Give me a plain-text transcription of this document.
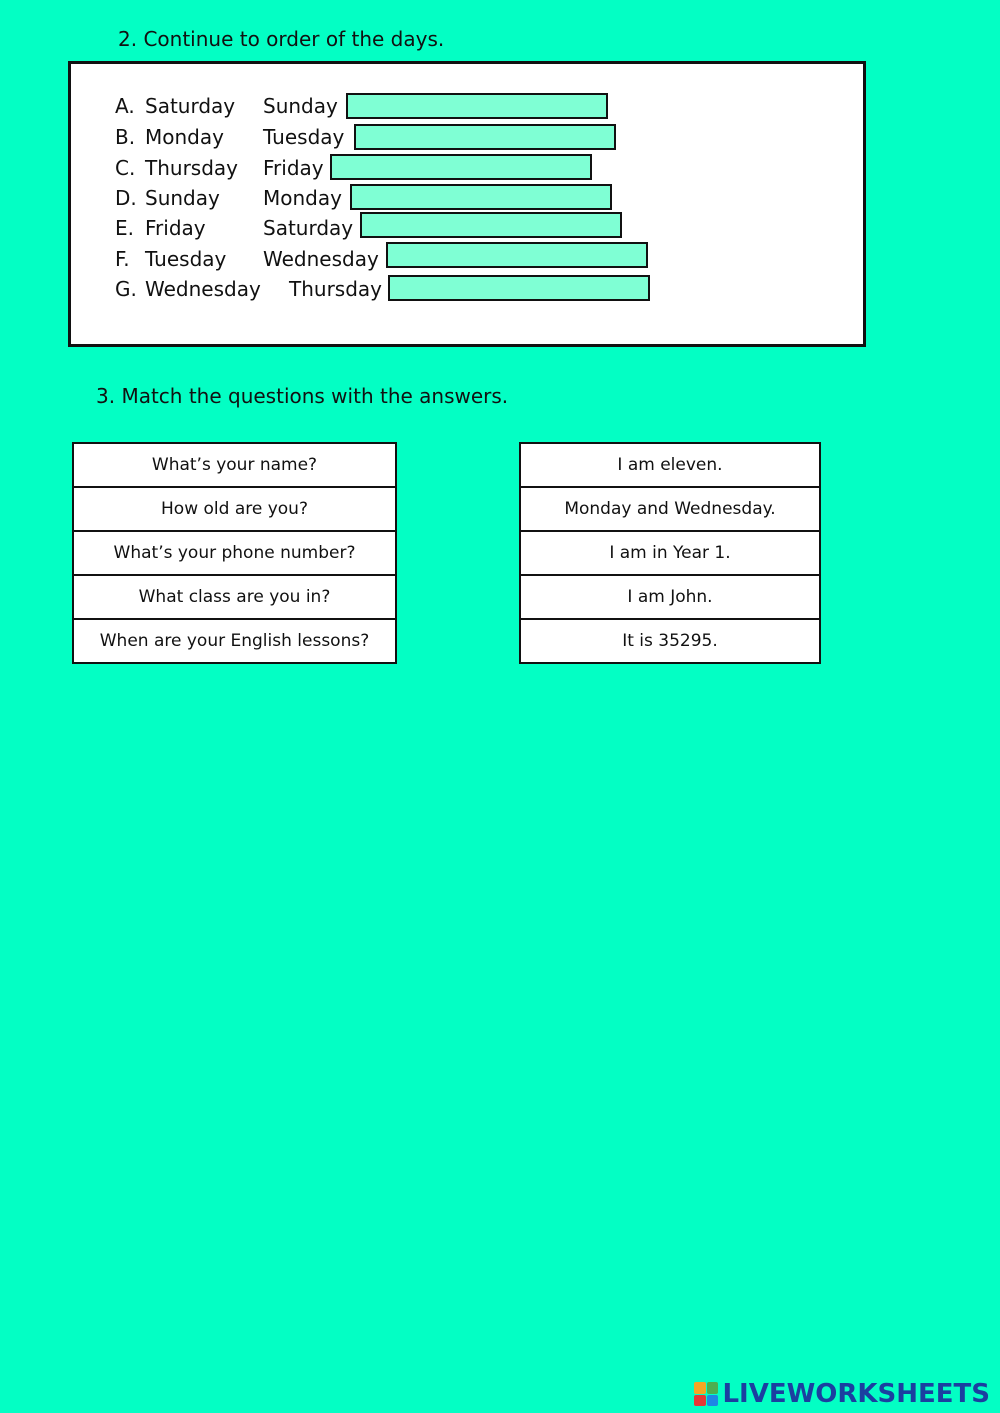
2. Continue to order of the days.
A. Saturday Sunday
B. Monday Tuesday
C. Thursday Friday
D. Sunday Monday
E. Friday	Saturday
F. Tuesday Wednesday
G. Wednesday Thursday
3. Match the questions with the answers.
What’s your name?
How old are you?
What’s your phone number?
What class are you in?
When are your English lessons?
I am eleven.
Monday and Wednesday.
I am in Year 1.
I am John.
It is 35295.
LIVEWORKSHEETS
